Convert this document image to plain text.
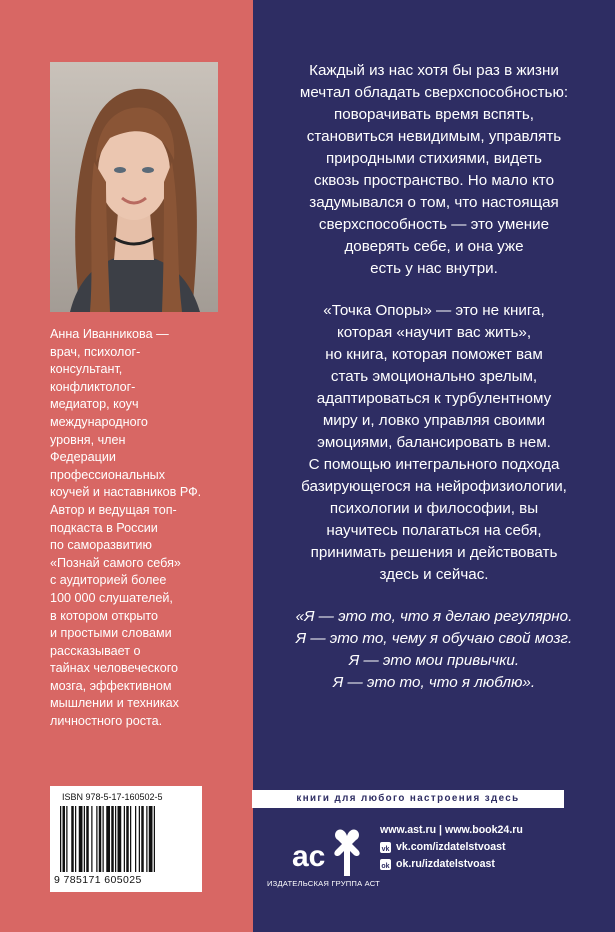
Анна Иванникова —
врач, психолог-
консультант,
конфликтолог-
медиатор, коуч
международного
уровня, член
Федерации
профессиональных
коучей и наставников РФ.
Автор и ведущая топ-
подкаста в России
по саморазвитию
«Познай самого себя»
с аудиторией более
100 000 слушателей,
в котором открыто
и простыми словами
рассказывает о
тайнах человеческого
мозга, эффективном
мышлении и техниках
личностного роста.
ISBN 978-5-17-160502-5
9 785171 605025
Каждый из нас хотя бы раз в жизни
мечтал обладать сверхспособностью:
поворачивать время вспять,
становиться невидимым, управлять
природными стихиями, видеть
сквозь пространство. Но мало кто
задумывался о том, что настоящая
сверхспособность — это умение
доверять себе, и она уже
есть у нас внутри.
«Точка Опоры» — это не книга,
которая «научит вас жить»,
но книга, которая поможет вам
стать эмоционально зрелым,
адаптироваться к турбулентному
миру и, ловко управляя своими
эмоциями, балансировать в нем.
С помощью интегрального подхода
базирующегося на нейрофизиологии,
психологии и философии, вы
научитесь полагаться на себя,
принимать решения и действовать
здесь и сейчас.
«Я — это то, что я делаю регулярно.
Я — это то, чему я обучаю свой мозг.
Я — это мои привычки.
Я — это то, что я люблю».
книги для любого настроения здесь
ac
ИЗДАТЕЛЬСКАЯ ГРУППА АСТ
www.ast.ru | www.book24.ru
vk vk.com/izdatelstvoast
ok ok.ru/izdatelstvoast
